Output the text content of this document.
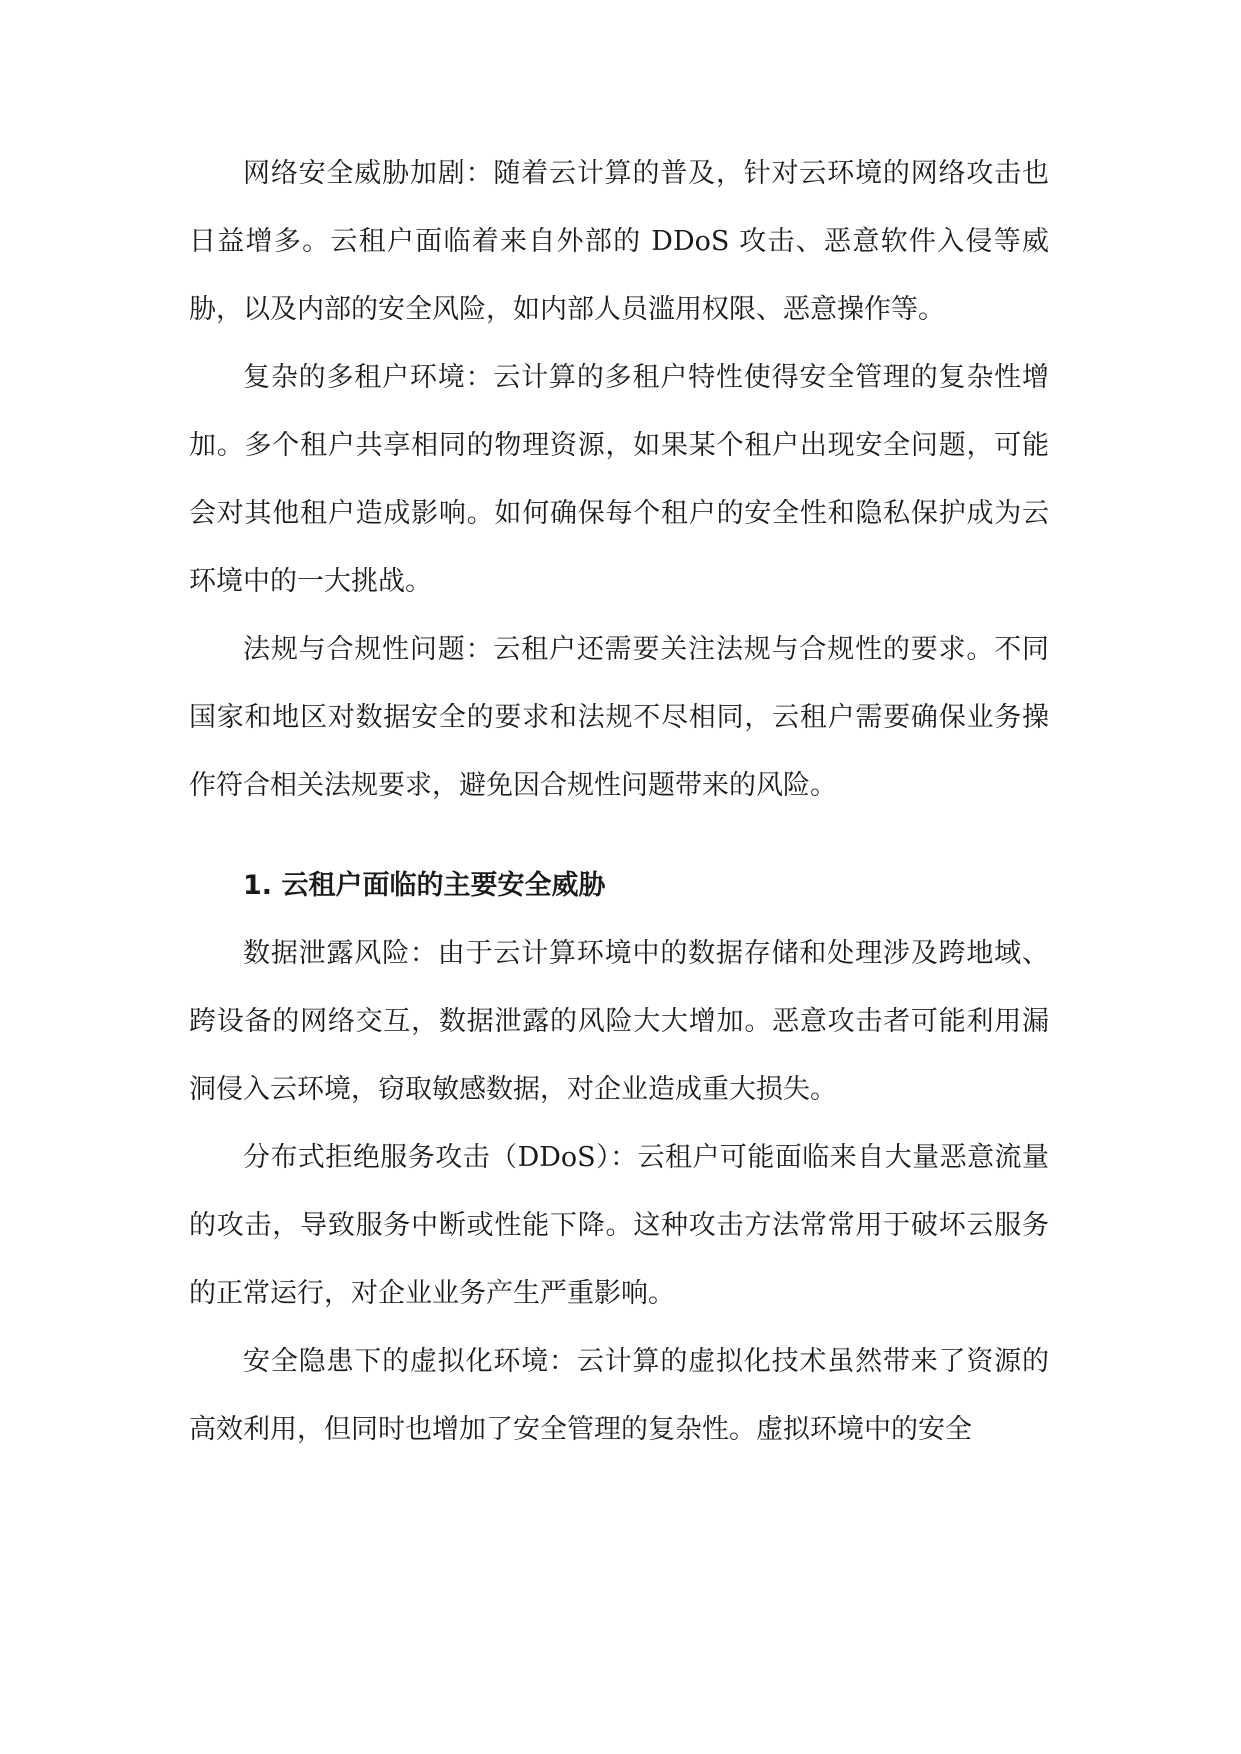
网络安全威胁加剧：随着云计算的普及，针对云环境的网络攻击也日益增多。云租户面临着来自外部的 DDoS 攻击、恶意软件入侵等威胁，以及内部的安全风险，如内部人员滥用权限、恶意操作等。

复杂的多租户环境：云计算的多租户特性使得安全管理的复杂性增加。多个租户共享相同的物理资源，如果某个租户出现安全问题，可能会对其他租户造成影响。如何确保每个租户的安全性和隐私保护成为云环境中的一大挑战。

法规与合规性问题：云租户还需要关注法规与合规性的要求。不同国家和地区对数据安全的要求和法规不尽相同，云租户需要确保业务操作符合相关法规要求，避免因合规性问题带来的风险。

1. 云租户面临的主要安全威胁

数据泄露风险：由于云计算环境中的数据存储和处理涉及跨地域、跨设备的网络交互，数据泄露的风险大大增加。恶意攻击者可能利用漏洞侵入云环境，窃取敏感数据，对企业造成重大损失。

分布式拒绝服务攻击（DDoS）：云租户可能面临来自大量恶意流量的攻击，导致服务中断或性能下降。这种攻击方法常常用于破坏云服务的正常运行，对企业业务产生严重影响。

安全隐患下的虚拟化环境：云计算的虚拟化技术虽然带来了资源的高效利用，但同时也增加了安全管理的复杂性。虚拟环境中的安全
